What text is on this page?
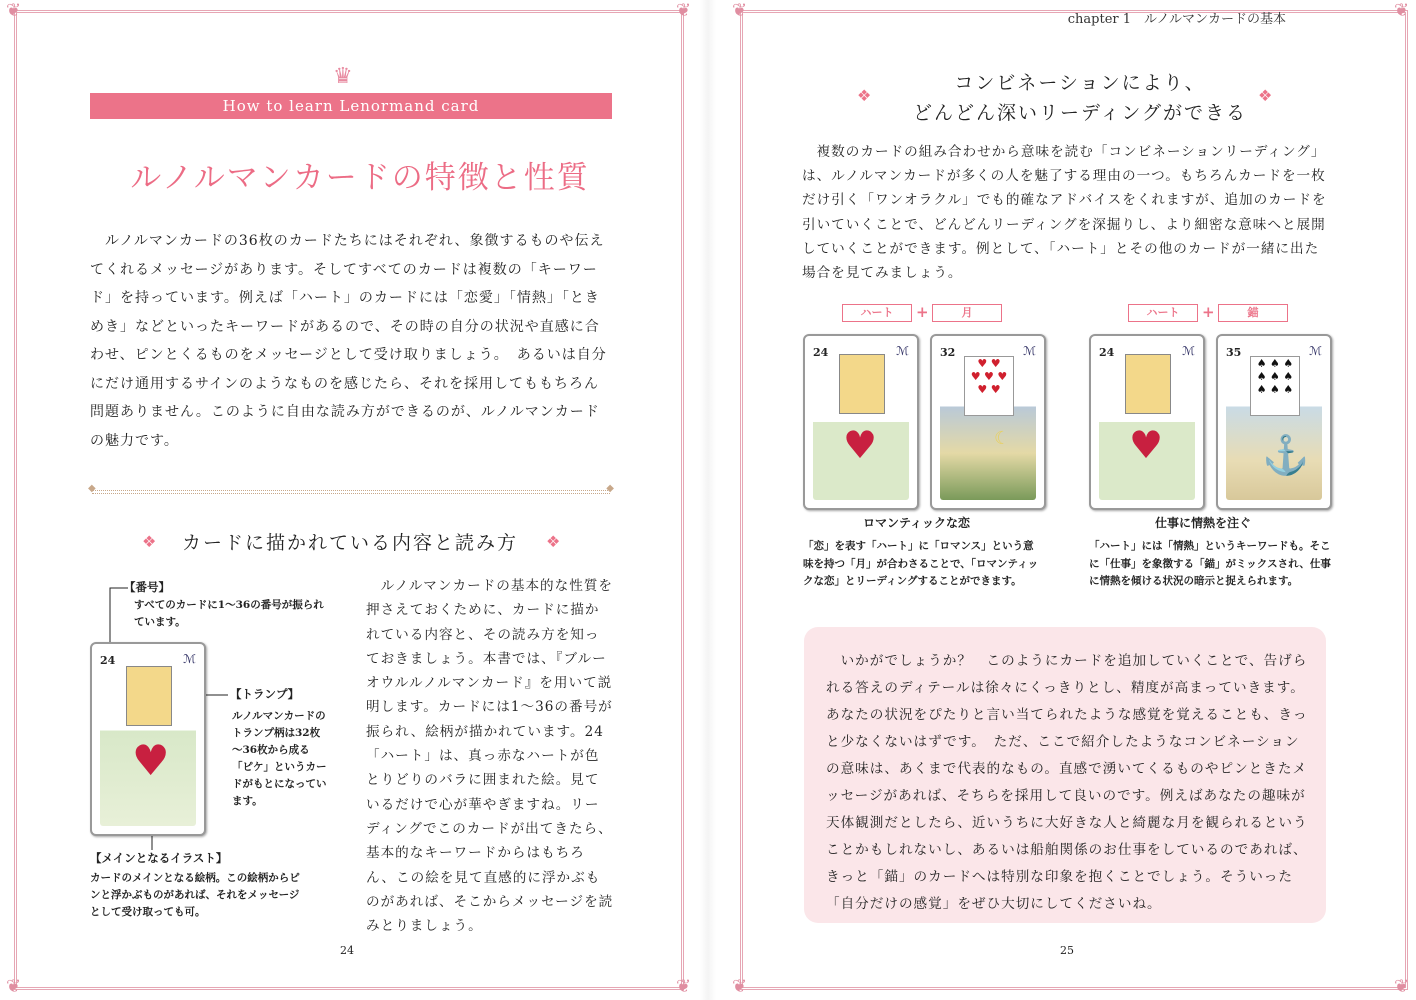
❦	❦
❦	❦
❦	❦
❦	❦
chapter 1　ルノルマンカードの基本
♛
How to learn Lenormand card
ルノルマンカードの特徴と性質
　ルノルマンカードの36枚のカードたちにはそれぞれ、象徴するものや伝えてくれるメッセージがあります。そしてすべてのカードは複数の「キーワード」を持っています。例えば「ハート」のカードには「恋愛」「情熱」「ときめき」などといったキーワードがあるので、その時の自分の状況や直感に合わせ、ピンとくるものをメッセージとして受け取りましょう。　あるいは自分にだけ通用するサインのようなものを感じたら、それを採用してももちろん問題ありません。このように自由な読み方ができるのが、ルノルマンカードの魅力です。
◆ ◆
❖ カードに描かれている内容と読み方 ❖
【番号】
すべてのカードに1～36の番号が振られています。
24	ℳ
♥
【トランプ】
ルノルマンカードのトランプ柄は32枚～36枚から成る「ピケ」というカードがもとになっています。
【メインとなるイラスト】
カードのメインとなる絵柄。この絵柄からピンと浮かぶものがあれば、それをメッセージとして受け取っても可。
　ルノルマンカードの基本的な性質を押さえておくために、カードに描かれている内容と、その読み方を知っておきましょう。本書では、『ブルーオウルルノルマンカード』を用いて説明します。カードには1～36の番号が振られ、絵柄が描かれています。24「ハート」は、真っ赤なハートが色とりどりのバラに囲まれた絵。見ているだけで心が華やぎますね。リーディングでこのカードが出てきたら、基本的なキーワードからはもちろん、この絵を見て直感的に浮かぶものがあれば、そこからメッセージを読みとりましょう。
24
❖
コンビネーションにより、
どんどん深いリーディングができる
❖
　複数のカードの組み合わせから意味を読む「コンビネーションリーディング」は、ルノルマンカードが多くの人を魅了する理由の一つ。もちろんカードを一枚だけ引く「ワンオラクル」でも的確なアドバイスをくれますが、追加のカードを引いていくことで、どんどんリーディングを深掘りし、より細密な意味へと展開していくことができます。例として、「ハート」とその他のカードが一緒に出た場合を見てみましょう。
ハート	+	月
24	ℳ
♥
32	ℳ
♥ ♥
♥ ♥ ♥
♥ ♥
☾
ロマンティックな恋
「恋」を表す「ハート」に「ロマンス」という意味を持つ「月」が合わさることで、「ロマンティックな恋」とリーディングすることができます。
ハート	+	錨
24	ℳ
♥
35	ℳ
♠ ♠ ♠
♠ ♠ ♠
♠ ♠ ♠
⚓
仕事に情熱を注ぐ
「ハート」には「情熱」というキーワードも。そこに「仕事」を象徴する「錨」がミックスされ、仕事に情熱を傾ける状況の暗示と捉えられます。
　いかがでしょうか？　このようにカードを追加していくことで、告げられる答えのディテールは徐々にくっきりとし、精度が高まっていきます。あなたの状況をぴたりと言い当てられたような感覚を覚えることも、きっと少なくないはずです。　ただ、ここで紹介したようなコンビネーションの意味は、あくまで代表的なもの。直感で湧いてくるものやピンときたメッセージがあれば、そちらを採用して良いのです。例えばあなたの趣味が天体観測だとしたら、近いうちに大好きな人と綺麗な月を観られるということかもしれないし、あるいは船舶関係のお仕事をしているのであれば、きっと「錨」のカードへは特別な印象を抱くことでしょう。そういった「自分だけの感覚」をぜひ大切にしてくださいね。
25
